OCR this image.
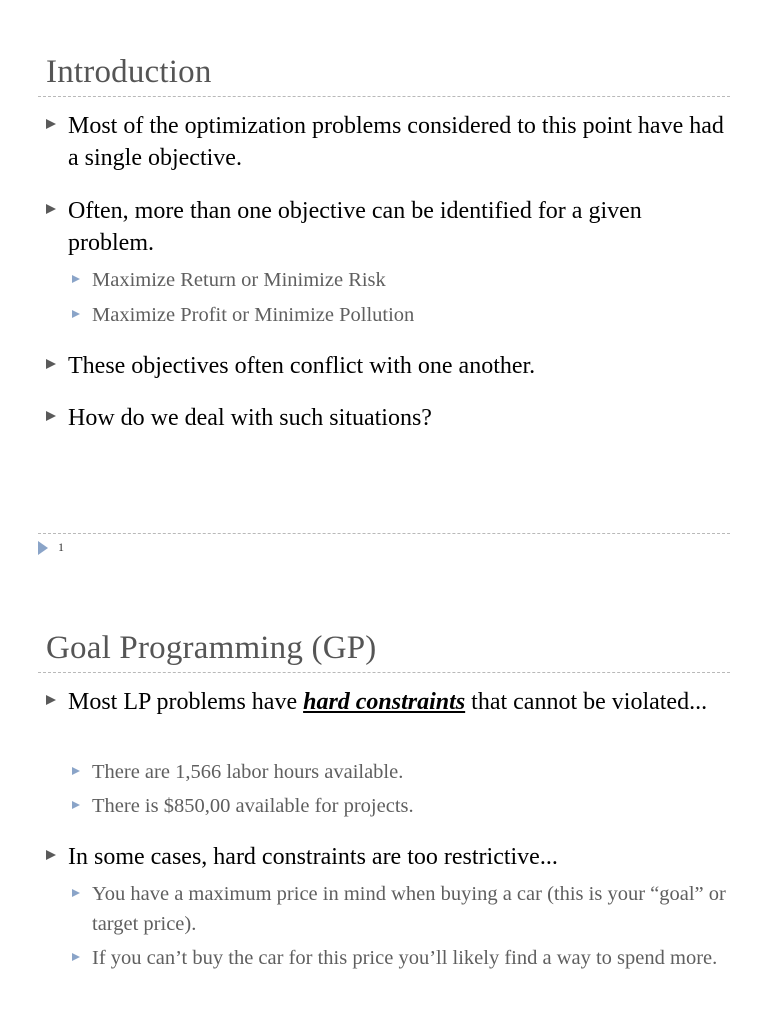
Introduction
Most of the optimization problems considered to this point have had a single objective.
Often, more than one objective can be identified for a given problem.
Maximize Return or Minimize Risk
Maximize Profit or Minimize Pollution
These objectives often conflict with one another.
How do we deal with such situations?
1
Goal Programming (GP)
Most LP problems have hard constraints that cannot be violated...
There are 1,566 labor hours available.
There is $850,00 available for projects.
In some cases, hard constraints are too restrictive...
You have a maximum price in mind when buying a car (this is your “goal” or target price).
If you can’t buy the car for this price you’ll likely find a way to spend more.
